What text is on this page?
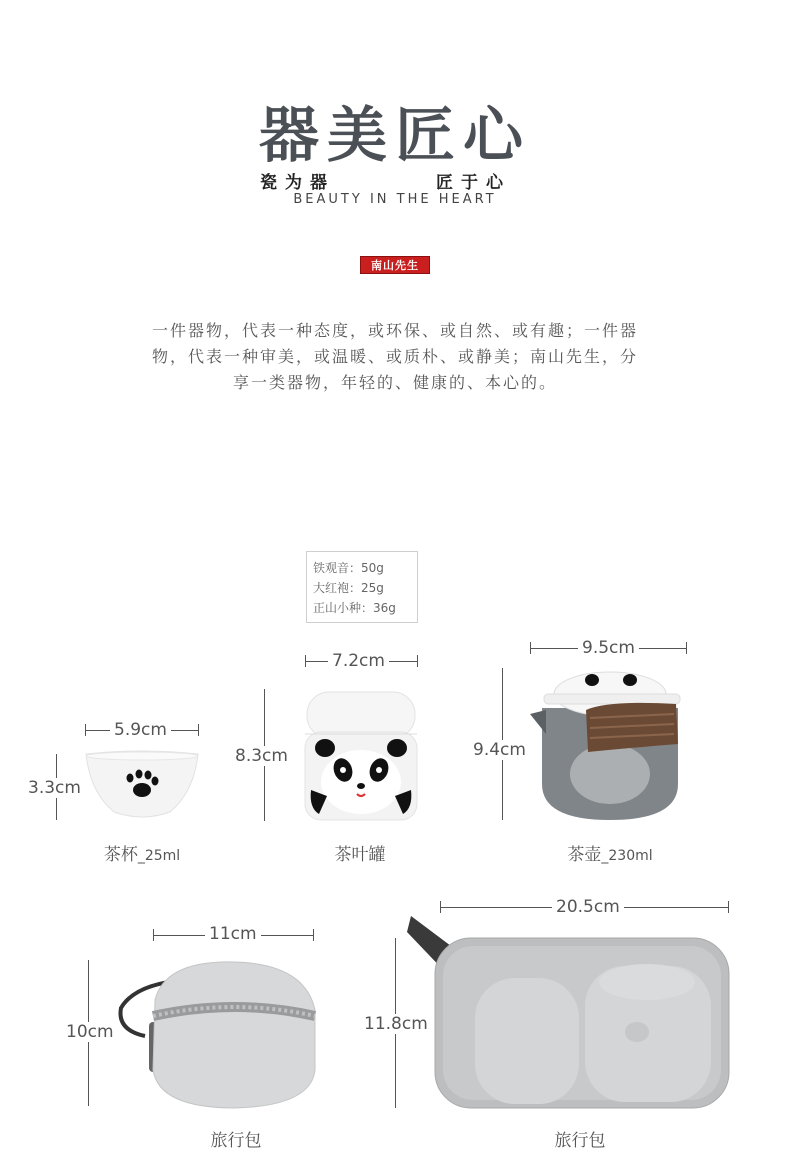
器美匠心
瓷为器	匠于心
BEAUTY IN THE HEART
南山先生
一件器物，代表一种态度，或环保、或自然、或有趣；一件器
物，代表一种审美，或温暖、或质朴、或静美；南山先生，分
享一类器物，年轻的、健康的、本心的。
铁观音：50g
大红袍：25g
正山小种：36g
5.9cm
3.3cm
茶杯_25ml
7.2cm
8.3cm
茶叶罐
9.5cm
9.4cm
茶壶_230ml
11cm
10cm
旅行包
20.5cm
11.8cm
旅行包
